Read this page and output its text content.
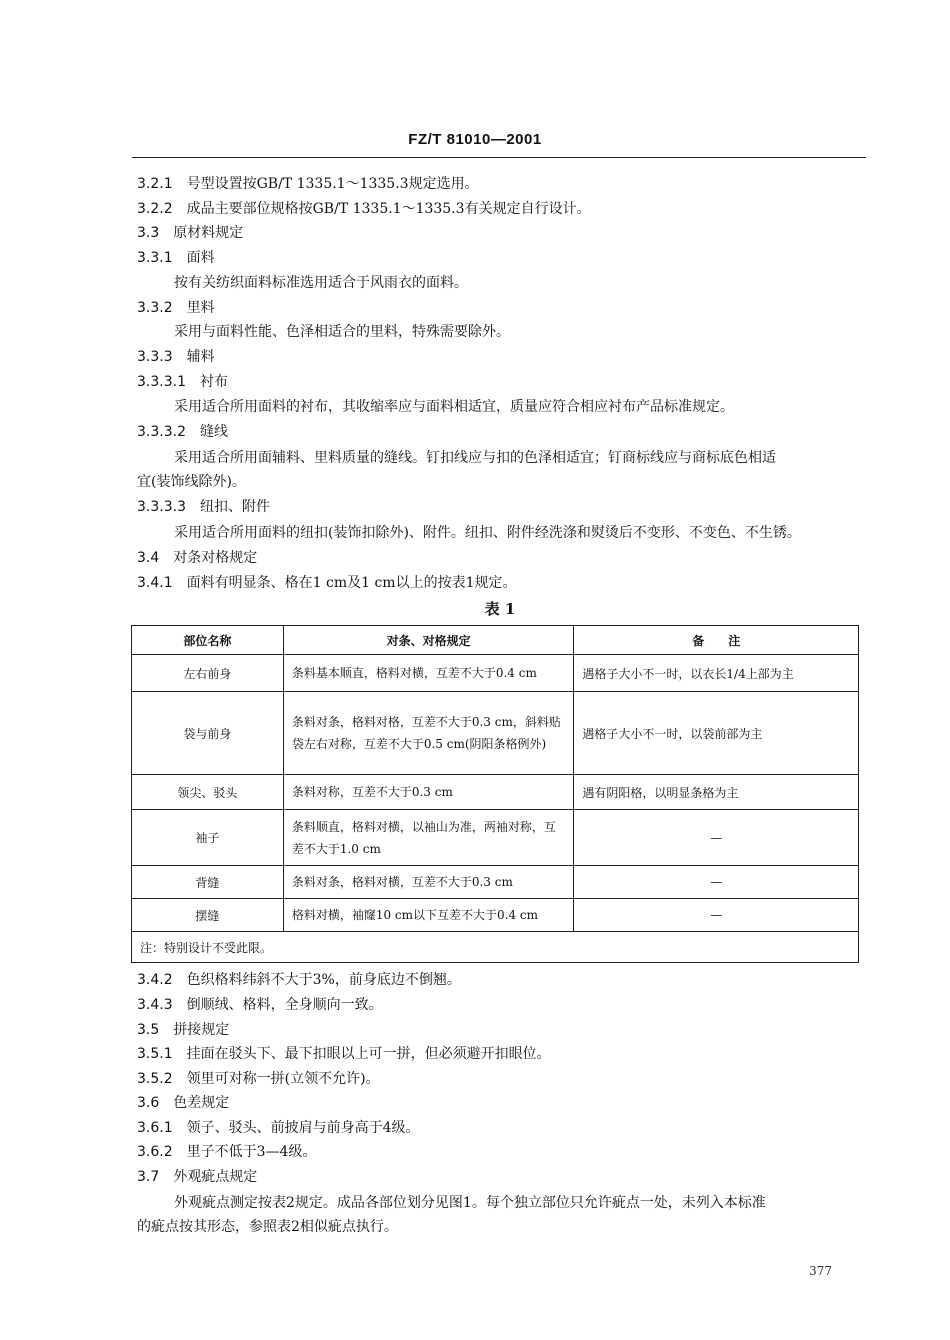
FZ/T 81010—2001
3.2.1 号型设置按GB/T 1335.1～1335.3规定选用。
3.2.2 成品主要部位规格按GB/T 1335.1～1335.3有关规定自行设计。
3.3 原材料规定
3.3.1 面料
按有关纺织面料标准选用适合于风雨衣的面料。
3.3.2 里料
采用与面料性能、色泽相适合的里料，特殊需要除外。
3.3.3 辅料
3.3.3.1 衬布
采用适合所用面料的衬布，其收缩率应与面料相适宜，质量应符合相应衬布产品标准规定。
3.3.3.2 缝线
采用适合所用面辅料、里料质量的缝线。钉扣线应与扣的色泽相适宜；钉商标线应与商标底色相适
宜(装饰线除外)。
3.3.3.3 纽扣、附件
采用适合所用面料的纽扣(装饰扣除外)、附件。纽扣、附件经洗涤和熨烫后不变形、不变色、不生锈。
3.4 对条对格规定
3.4.1 面料有明显条、格在1 cm及1 cm以上的按表1规定。
表 1
部位名称	对条、对格规定	备　　注
左右前身	条料基本顺直，格料对横，互差不大于0.4 cm	遇格子大小不一时，以衣长1/4上部为主
袋与前身	条料对条，格料对格，互差不大于0.3 cm，斜料贴袋左右对称，互差不大于0.5 cm(阴阳条格例外)	遇格子大小不一时，以袋前部为主
领尖、驳头	条料对称，互差不大于0.3 cm	遇有阴阳格，以明显条格为主
袖子	条料顺直，格料对横，以袖山为准，两袖对称，互差不大于1.0 cm	—
背缝	条料对条，格料对横，互差不大于0.3 cm	—
摆缝	格料对横，袖窿10 cm以下互差不大于0.4 cm	—
注：特别设计不受此限。		
3.4.2 色织格料纬斜不大于3%，前身底边不倒翘。
3.4.3 倒顺绒、格料，全身顺向一致。
3.5 拼接规定
3.5.1 挂面在驳头下、最下扣眼以上可一拼，但必须避开扣眼位。
3.5.2 领里可对称一拼(立领不允许)。
3.6 色差规定
3.6.1 领子、驳头、前披肩与前身高于4级。
3.6.2 里子不低于3—4级。
3.7 外观疵点规定
外观疵点测定按表2规定。成品各部位划分见图1。每个独立部位只允许疵点一处，未列入本标准
的疵点按其形态，参照表2相似疵点执行。
377
